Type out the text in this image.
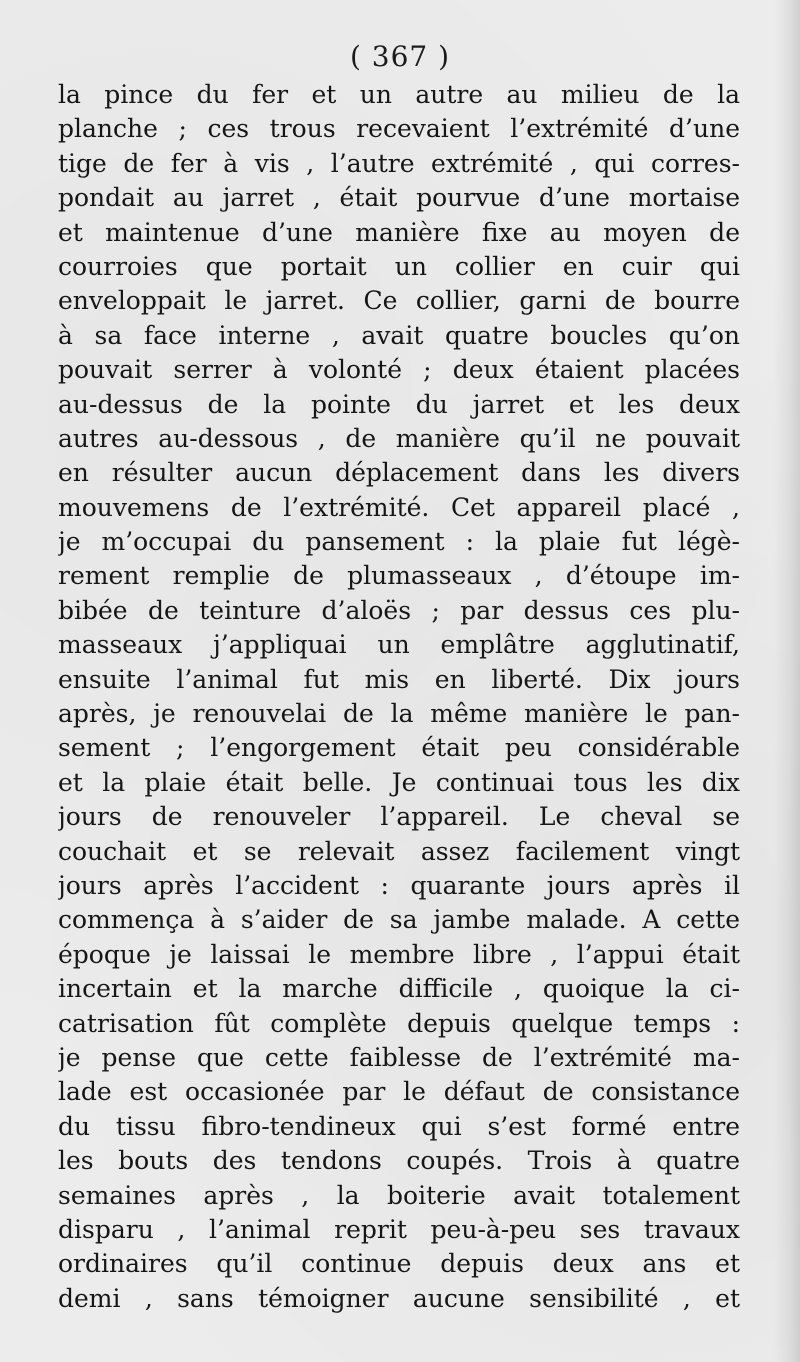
( 367 )
la pince du fer et un autre au milieu de la
planche ; ces trous recevaient l’extrémité d’une
tige de fer à vis , l’autre extrémité , qui corres-
pondait au jarret , était pourvue d’une mortaise
et maintenue d’une manière fixe au moyen de
courroies que portait un collier en cuir qui
enveloppait le jarret. Ce collier, garni de bourre
à sa face interne , avait quatre boucles qu’on
pouvait serrer à volonté ; deux étaient placées
au-dessus de la pointe du jarret et les deux
autres au-dessous , de manière qu’il ne pouvait
en résulter aucun déplacement dans les divers
mouvemens de l’extrémité. Cet appareil placé ,
je m’occupai du pansement : la plaie fut légè-
rement remplie de plumasseaux , d’étoupe im-
bibée de teinture d’aloës ; par dessus ces plu-
masseaux j’appliquai un emplâtre agglutinatif,
ensuite l’animal fut mis en liberté. Dix jours
après, je renouvelai de la même manière le pan-
sement ; l’engorgement était peu considérable
et la plaie était belle. Je continuai tous les dix
jours de renouveler l’appareil. Le cheval se
couchait et se relevait assez facilement vingt
jours après l’accident : quarante jours après il
commença à s’aider de sa jambe malade. A cette
époque je laissai le membre libre , l’appui était
incertain et la marche difficile , quoique la ci-
catrisation fût complète depuis quelque temps :
je pense que cette faiblesse de l’extrémité ma-
lade est occasionée par le défaut de consistance
du tissu fibro-tendineux qui s’est formé entre
les bouts des tendons coupés. Trois à quatre
semaines après , la boiterie avait totalement
disparu , l’animal reprit peu-à-peu ses travaux
ordinaires qu’il continue depuis deux ans et
demi , sans témoigner aucune sensibilité , et
